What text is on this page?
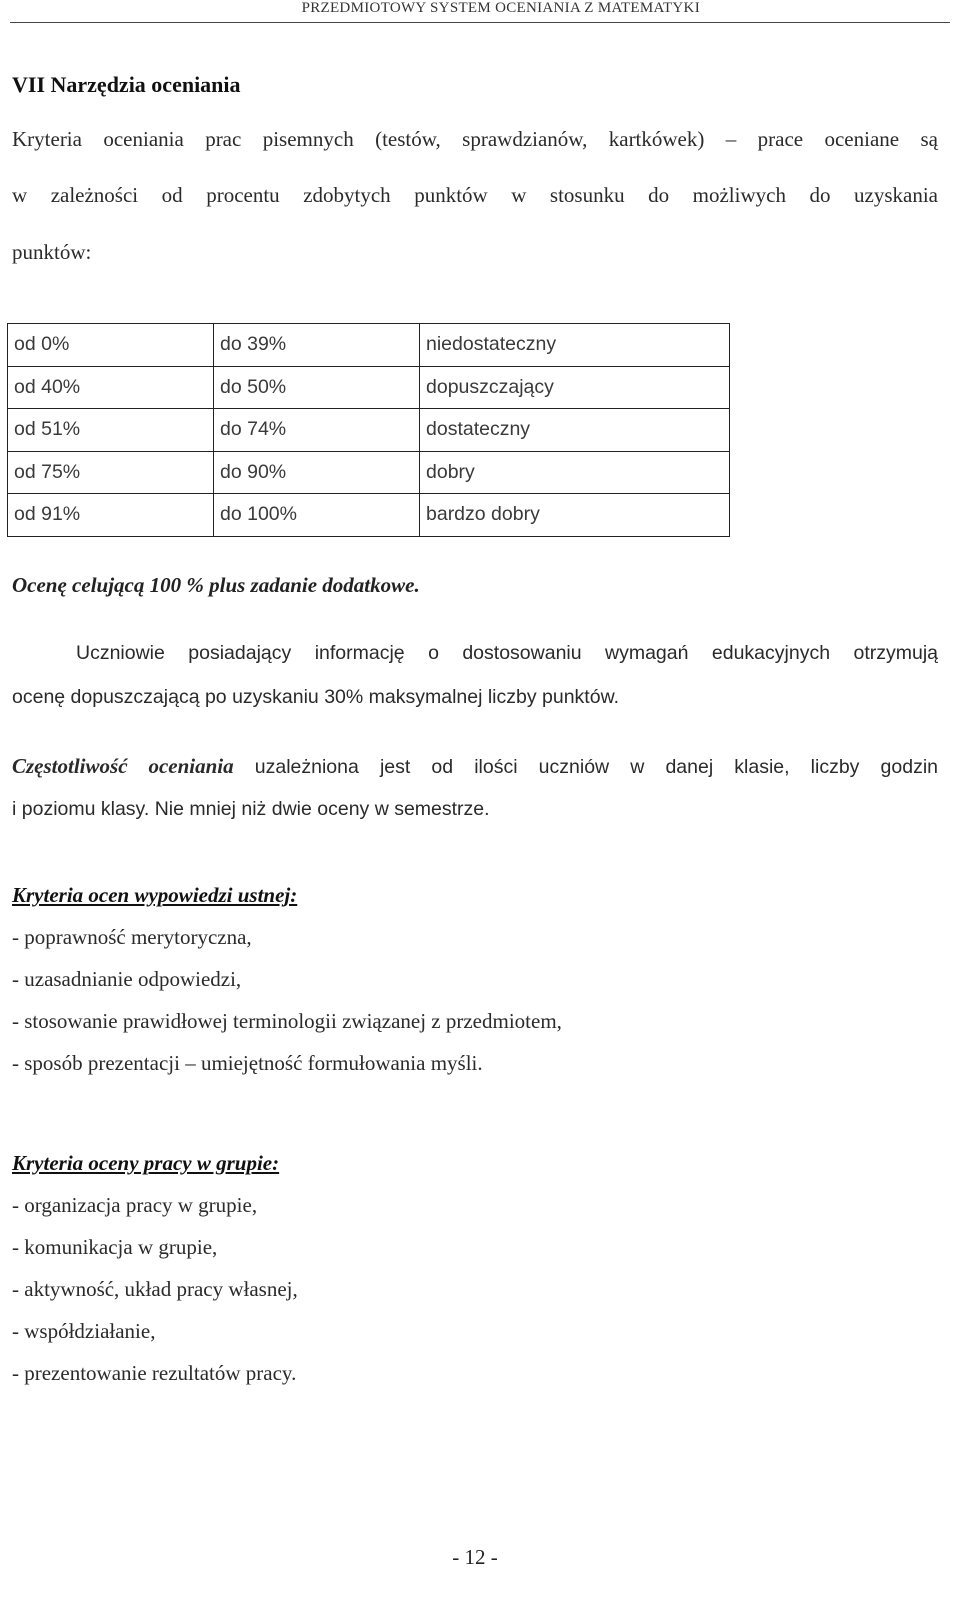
PRZEDMIOTOWY SYSTEM OCENIANIA Z MATEMATYKI
VII Narzędzia oceniania
Kryteria oceniania prac pisemnych (testów, sprawdzianów, kartkówek) – prace oceniane są
w zależności od procentu zdobytych punktów w stosunku do możliwych do uzyskania
punktów:
od 0%	do 39%	niedostateczny
od 40%	do 50%	dopuszczający
od 51%	do 74%	dostateczny
od 75%	do 90%	dobry
od 91%	do 100%	bardzo dobry
Ocenę celującą 100 % plus zadanie dodatkowe.
Uczniowie posiadający informację o dostosowaniu wymagań edukacyjnych otrzymują
ocenę dopuszczającą po uzyskaniu 30% maksymalnej liczby punktów.
Częstotliwość oceniania uzależniona jest od ilości uczniów w danej klasie, liczby godzin
i poziomu klasy. Nie mniej niż dwie oceny w semestrze.
Kryteria ocen wypowiedzi ustnej:
- poprawność merytoryczna,
- uzasadnianie odpowiedzi,
- stosowanie prawidłowej terminologii związanej z przedmiotem,
- sposób prezentacji – umiejętność formułowania myśli.
Kryteria oceny pracy w grupie:
- organizacja pracy w grupie,
- komunikacja w grupie,
- aktywność, układ pracy własnej,
- współdziałanie,
- prezentowanie rezultatów pracy.
- 12 -
